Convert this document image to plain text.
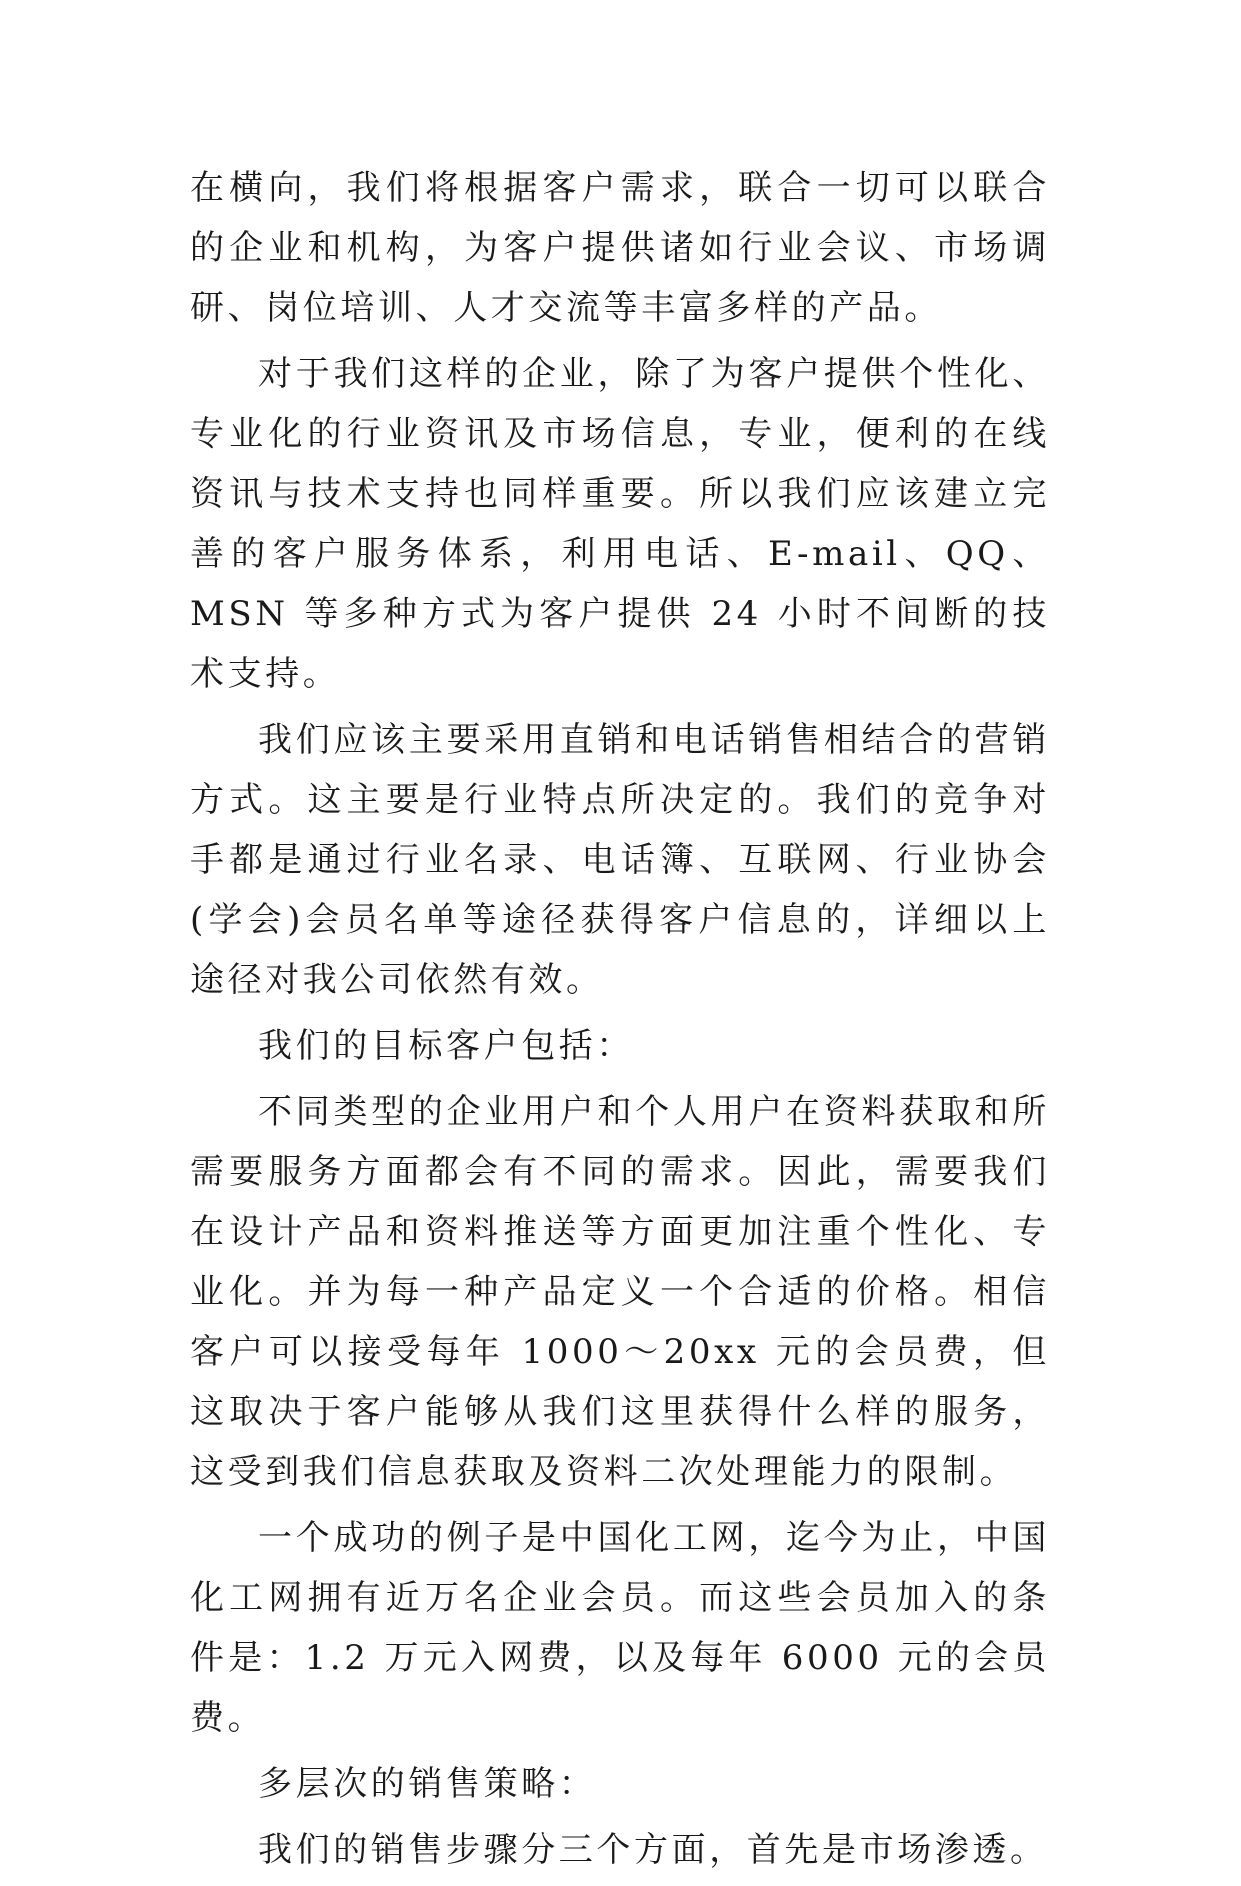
在横向，我们将根据客户需求，联合一切可以联合的企业和机构，为客户提供诸如行业会议、市场调研、岗位培训、人才交流等丰富多样的产品。

对于我们这样的企业，除了为客户提供个性化、专业化的行业资讯及市场信息，专业，便利的在线资讯与技术支持也同样重要。所以我们应该建立完善的客户服务体系，利用电话、E-mail、QQ、MSN 等多种方式为客户提供 24 小时不间断的技术支持。

我们应该主要采用直销和电话销售相结合的营销方式。这主要是行业特点所决定的。我们的竞争对手都是通过行业名录、电话簿、互联网、行业协会(学会)会员名单等途径获得客户信息的，详细以上途径对我公司依然有效。

我们的目标客户包括：

不同类型的企业用户和个人用户在资料获取和所需要服务方面都会有不同的需求。因此，需要我们在设计产品和资料推送等方面更加注重个性化、专业化。并为每一种产品定义一个合适的价格。相信客户可以接受每年 1000～20xx 元的会员费，但这取决于客户能够从我们这里获得什么样的服务，这受到我们信息获取及资料二次处理能力的限制。

一个成功的例子是中国化工网，迄今为止，中国化工网拥有近万名企业会员。而这些会员加入的条件是：1.2 万元入网费，以及每年 6000 元的会员费。

多层次的销售策略：

我们的销售步骤分三个方面，首先是市场渗透。
